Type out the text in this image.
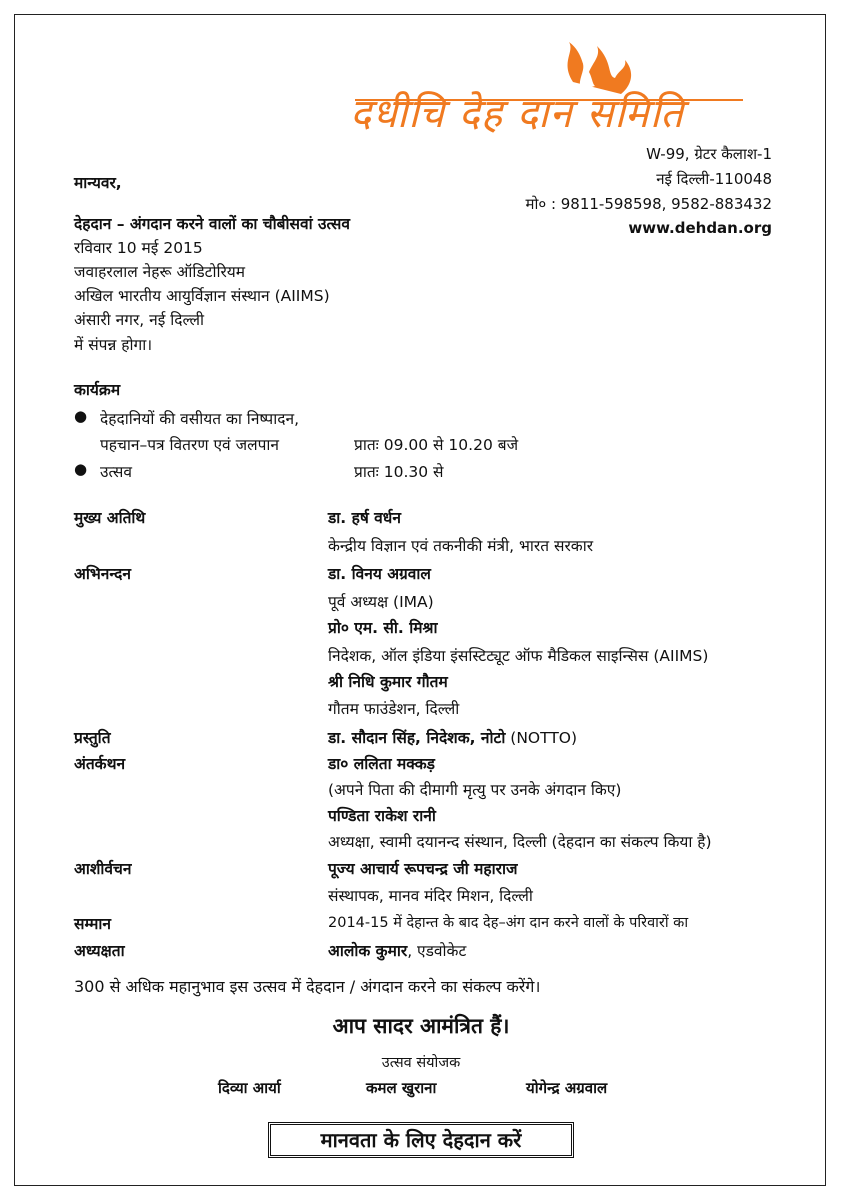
दधीचि देह दान समिति
W-99, ग्रेटर कैलाश-1
नई दिल्ली-110048
मो० : 9811-598598, 9582-883432
www.dehdan.org
मान्यवर,
देहदान – अंगदान करने वालों का चौबीसवां उत्सव
रविवार 10 मई 2015
जवाहरलाल नेहरू ऑडिटोरियम
अखिल भारतीय आयुर्विज्ञान संस्थान (AIIMS)
अंसारी नगर, नई दिल्ली
में संपन्न होगा।
कार्यक्रम
● देहदानियों की वसीयत का निष्पादन,
पहचान–पत्र वितरण एवं जलपान	प्रातः 09.00 से 10.20 बजे
● उत्सव	प्रातः 10.30 से
मुख्य अतिथि	डा. हर्ष वर्धन
केन्द्रीय विज्ञान एवं तकनीकी मंत्री, भारत सरकार
अभिनन्दन	डा. विनय अग्रवाल
पूर्व अध्यक्ष (IMA)
प्रो० एम. सी. मिश्रा
निदेशक, ऑल इंडिया इंसस्टिट्यूट ऑफ मैडिकल साइन्सिस (AIIMS)
श्री निधि कुमार गौतम
गौतम फाउंडेशन, दिल्ली
प्रस्तुति	डा. सौदान सिंह, निदेशक, नोटो (NOTTO)
अंतर्कथन	डा० ललिता मक्कड़
(अपने पिता की दीमागी मृत्यु पर उनके अंगदान किए)
पण्डिता राकेश रानी
अध्यक्षा, स्वामी दयानन्द संस्थान, दिल्ली (देहदान का संकल्प किया है)
आशीर्वचन	पूज्य आचार्य रूपचन्द्र जी महाराज
संस्थापक, मानव मंदिर मिशन, दिल्ली
सम्मान	2014-15 में देहान्त के बाद देह–अंग दान करने वालों के परिवारों का
अध्यक्षता	आलोक कुमार, एडवोकेट
300 से अधिक महानुभाव इस उत्सव में देहदान / अंगदान करने का संकल्प करेंगे।
आप सादर आमंत्रित हैं।
उत्सव संयोजक
दिव्या आर्या	कमल खुराना	योगेन्द्र अग्रवाल
मानवता के लिए देहदान करें
